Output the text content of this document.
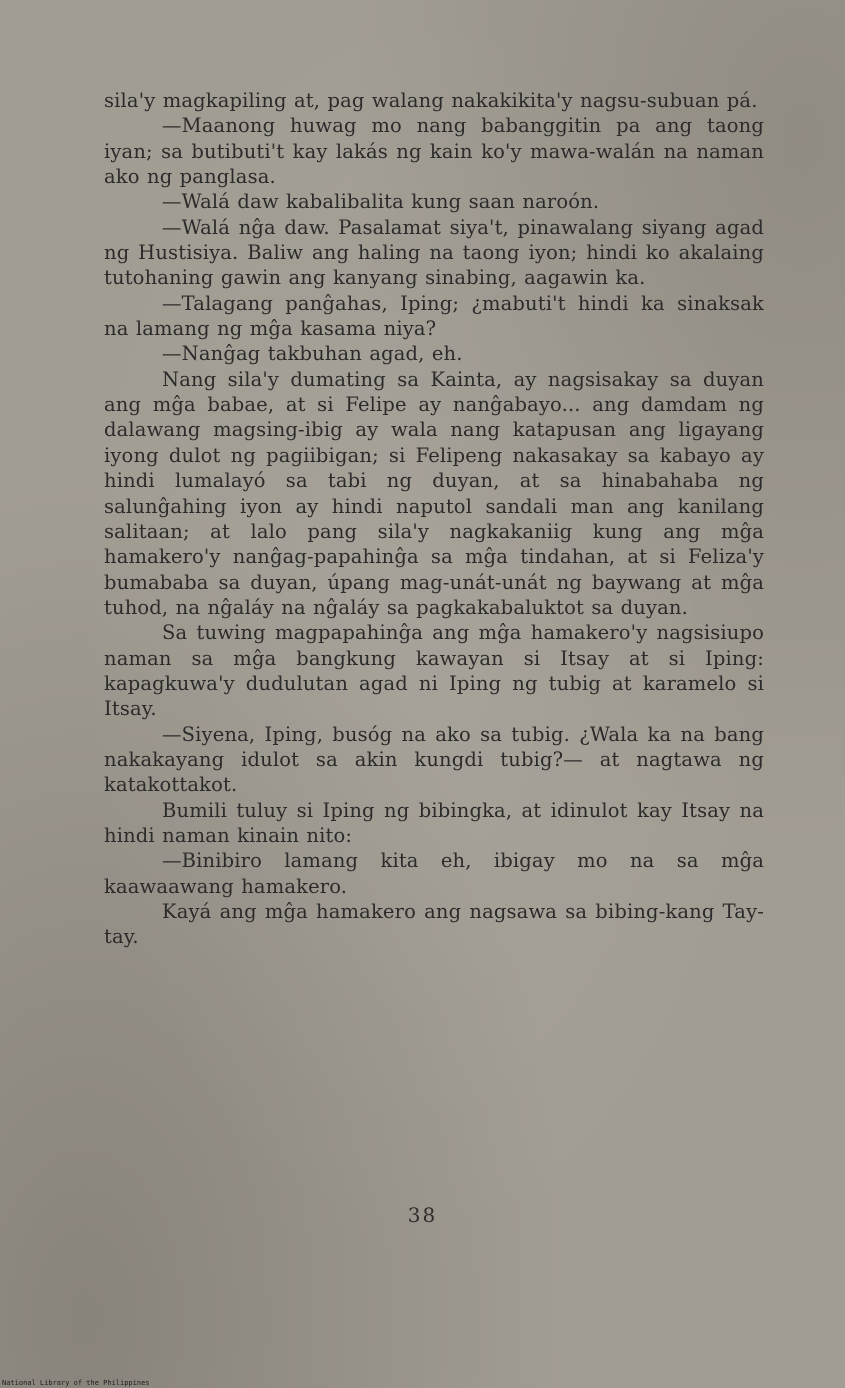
sila'y magkapiling at, pag walang nakakikita'y nagsu-subuan pá.

—Maanong huwag mo nang babanggitin pa ang taong iyan; sa butibuti't kay lakás ng kain ko'y mawa-walán na naman ako ng panglasa.

—Walá daw kabalibalita kung saan naroón.

—Walá nĝa daw. Pasalamat siya't, pinawalang siyang agad ng Hustisiya. Baliw ang haling na taong iyon; hindi ko akalaing tutohaning gawin ang kanyang sinabing, aagawin ka.

—Talagang panĝahas, Iping; ¿mabuti't hindi ka sinaksak na lamang ng mĝa kasama niya?

—Nanĝag takbuhan agad, eh.

Nang sila'y dumating sa Kainta, ay nagsisakay sa duyan ang mĝa babae, at si Felipe ay nanĝabayo... ang damdam ng dalawang magsing-ibig ay wala nang katapusan ang ligayang iyong dulot ng pagiibigan; si Felipeng nakasakay sa kabayo ay hindi lumalayó sa tabi ng duyan, at sa hinabahaba ng salunĝahing iyon ay hindi naputol sandali man ang kanilang salitaan; at lalo pang sila'y nagkakaniig kung ang mĝa hamakero'y nanĝag-papahinĝa sa mĝa tindahan, at si Feliza'y bumababa sa duyan, úpang mag-unát-unát ng baywang at mĝa tuhod, na nĝaláy na nĝaláy sa pagkakabaluktot sa duyan.

Sa tuwing magpapahinĝa ang mĝa hamakero'y nagsisiupo naman sa mĝa bangkung kawayan si Itsay at si Iping: kapagkuwa'y dudulutan agad ni Iping ng tubig at karamelo si Itsay.

—Siyena, Iping, busóg na ako sa tubig. ¿Wala ka na bang nakakayang idulot sa akin kungdi tubig?— at nagtawa ng katakottakot.

Bumili tuluy si Iping ng bibingka, at idinulot kay Itsay na hindi naman kinain nito:

—Binibiro lamang kita eh, ibigay mo na sa mĝa kaawaawang hamakero.

Kayá ang mĝa hamakero ang nagsawa sa bibing-kang Tay-tay.

38
National Library of the Philippines
